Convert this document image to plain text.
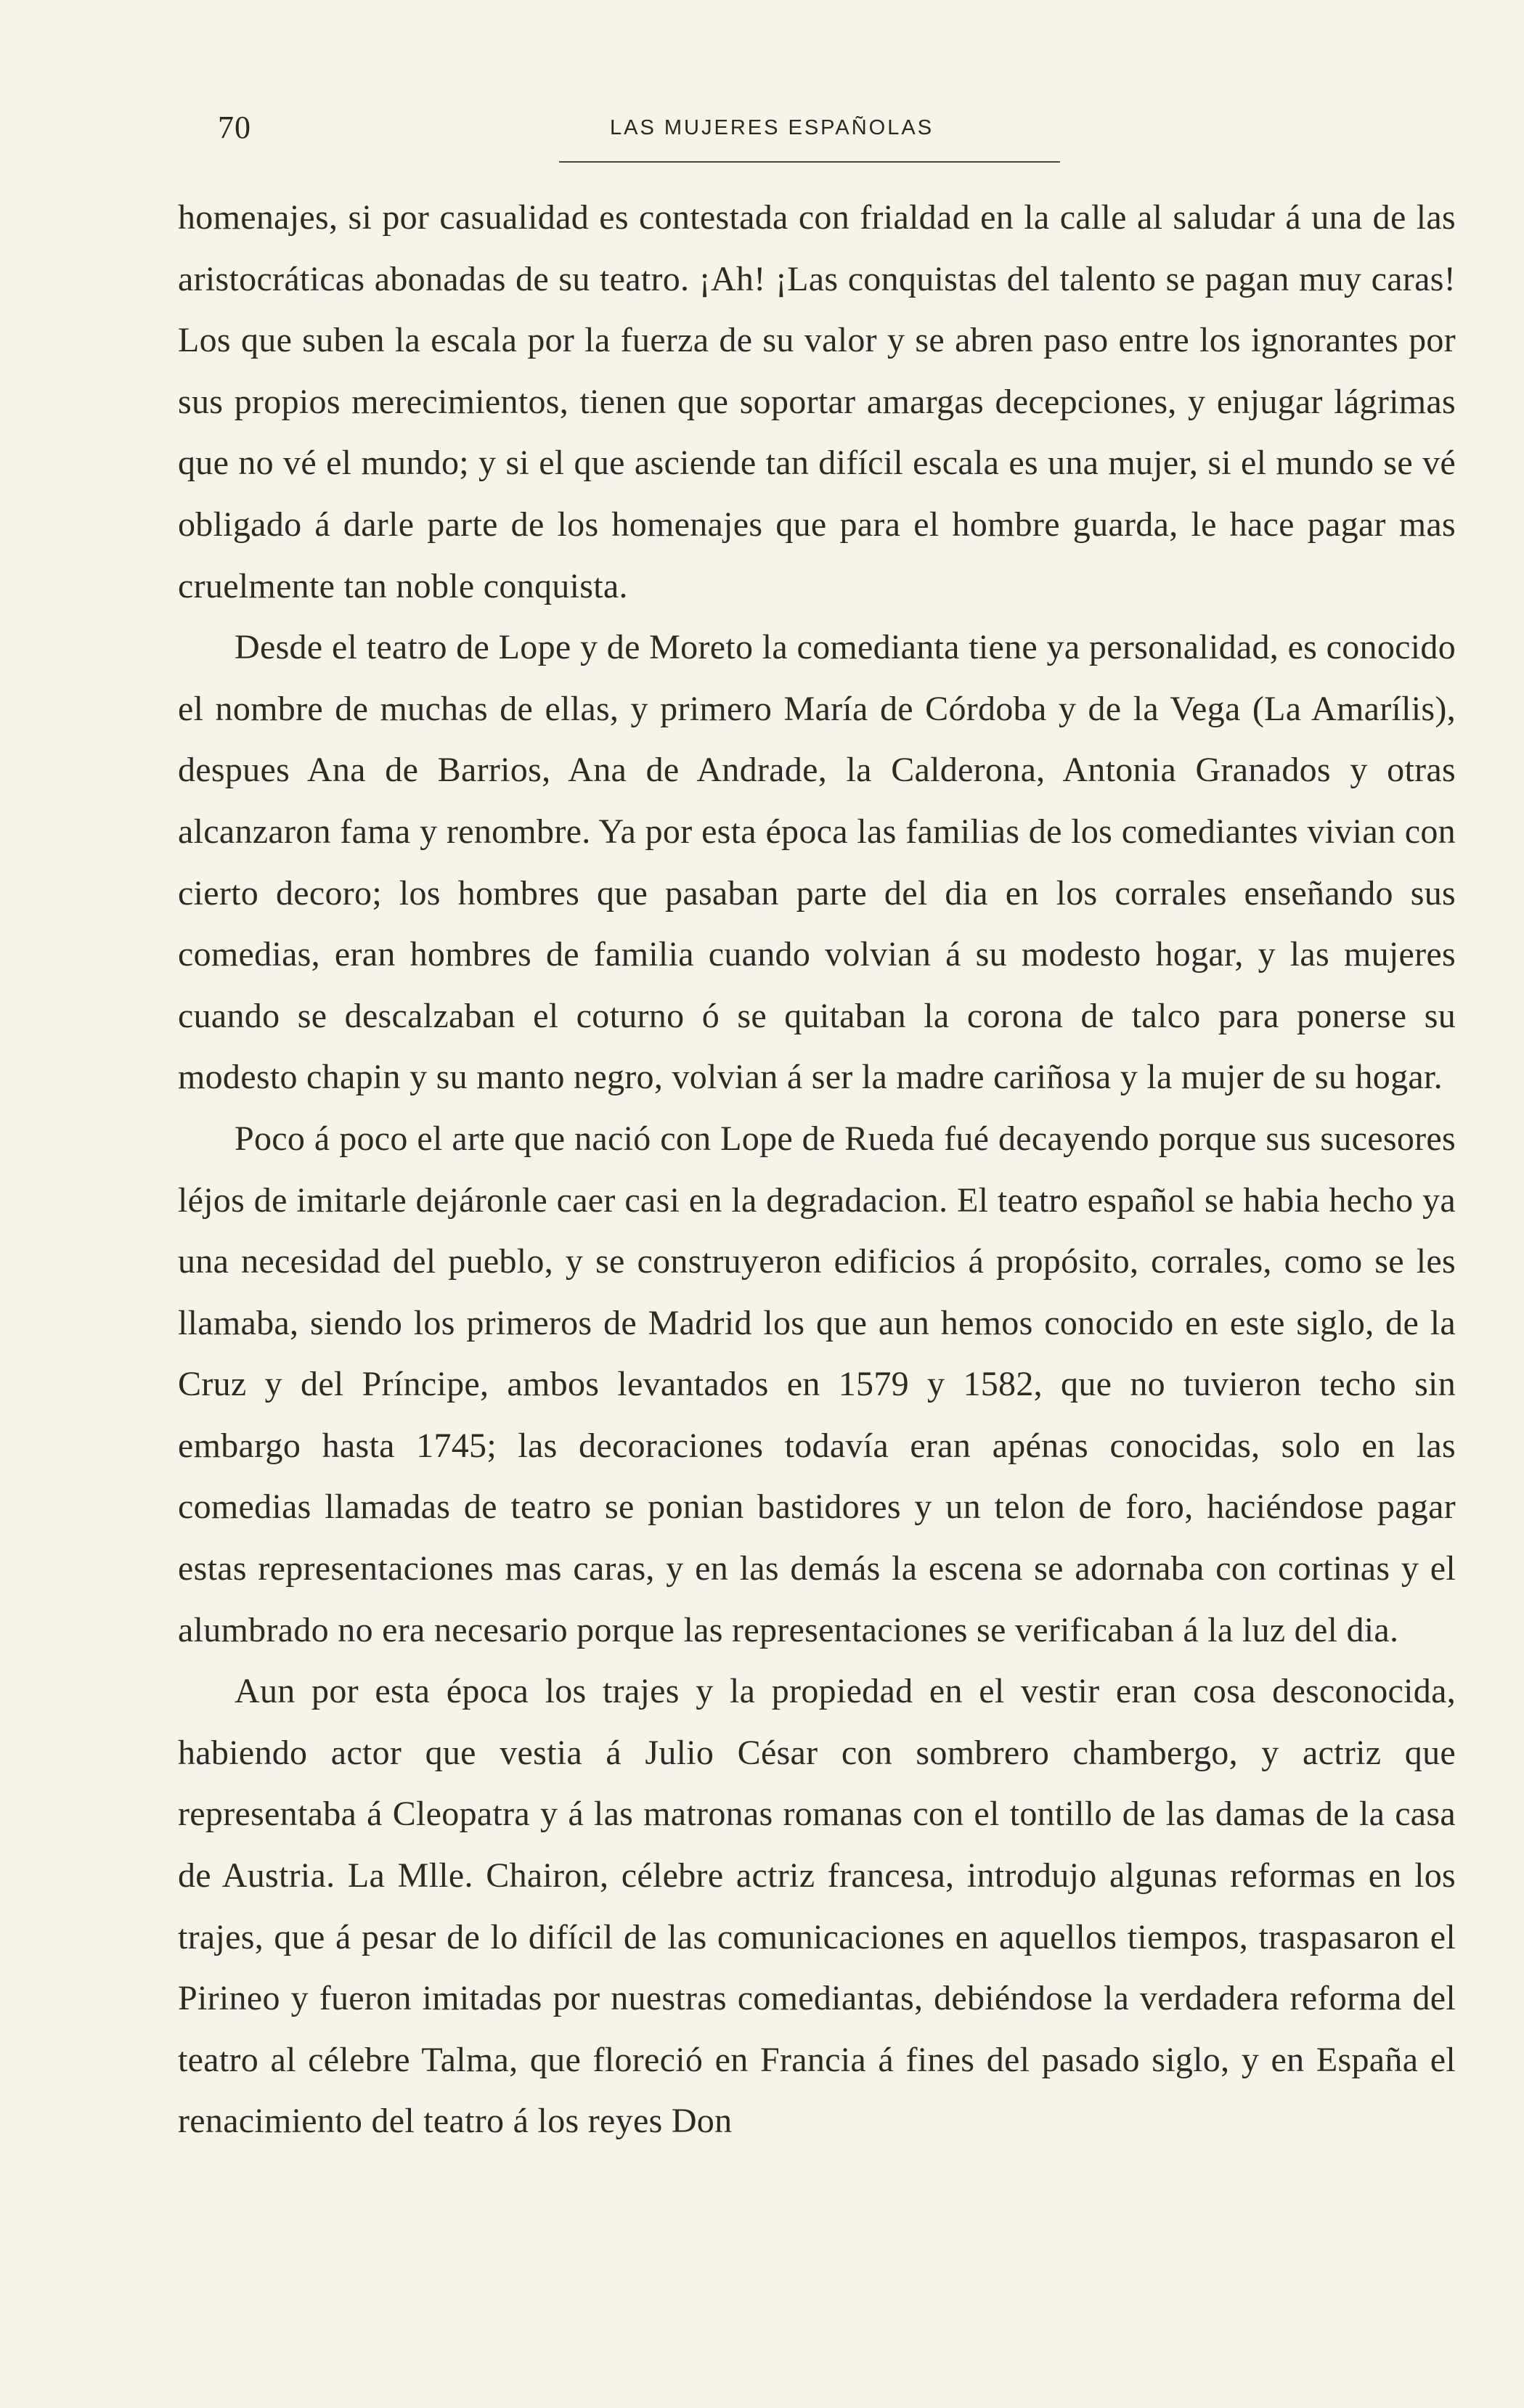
70	LAS MUJERES ESPAÑOLAS

homenajes, si por casualidad es contestada con frialdad en la calle al saludar á una de las aristocráticas abonadas de su teatro. ¡Ah! ¡Las conquistas del talento se pagan muy caras! Los que suben la escala por la fuerza de su valor y se abren paso entre los ignorantes por sus propios merecimientos, tienen que soportar amargas decepciones, y enjugar lágrimas que no vé el mundo; y si el que asciende tan difícil escala es una mujer, si el mundo se vé obligado á darle parte de los homenajes que para el hombre guarda, le hace pagar mas cruelmente tan noble conquista.

Desde el teatro de Lope y de Moreto la comedianta tiene ya personalidad, es conocido el nombre de muchas de ellas, y primero María de Córdoba y de la Vega (La Amarílis), despues Ana de Barrios, Ana de Andrade, la Calderona, Antonia Granados y otras alcanzaron fama y renombre. Ya por esta época las familias de los comediantes vivian con cierto decoro; los hombres que pasaban parte del dia en los corrales enseñando sus comedias, eran hombres de familia cuando volvian á su modesto hogar, y las mujeres cuando se descalzaban el coturno ó se quitaban la corona de talco para ponerse su modesto chapin y su manto negro, volvian á ser la madre cariñosa y la mujer de su hogar.

Poco á poco el arte que nació con Lope de Rueda fué decayendo porque sus sucesores léjos de imitarle dejáronle caer casi en la degradacion. El teatro español se habia hecho ya una necesidad del pueblo, y se construyeron edificios á propósito, corrales, como se les llamaba, siendo los primeros de Madrid los que aun hemos conocido en este siglo, de la Cruz y del Príncipe, ambos levantados en 1579 y 1582, que no tuvieron techo sin embargo hasta 1745; las decoraciones todavía eran apénas conocidas, solo en las comedias llamadas de teatro se ponian bastidores y un telon de foro, haciéndose pagar estas representaciones mas caras, y en las demás la escena se adornaba con cortinas y el alumbrado no era necesario porque las representaciones se verificaban á la luz del dia.

Aun por esta época los trajes y la propiedad en el vestir eran cosa desconocida, habiendo actor que vestia á Julio César con sombrero chambergo, y actriz que representaba á Cleopatra y á las matronas romanas con el tontillo de las damas de la casa de Austria. La Mlle. Chairon, célebre actriz francesa, introdujo algunas reformas en los trajes, que á pesar de lo difícil de las comunicaciones en aquellos tiempos, traspasaron el Pirineo y fueron imitadas por nuestras comediantas, debiéndose la verdadera reforma del teatro al célebre Talma, que floreció en Francia á fines del pasado siglo, y en España el renacimiento del teatro á los reyes Don
